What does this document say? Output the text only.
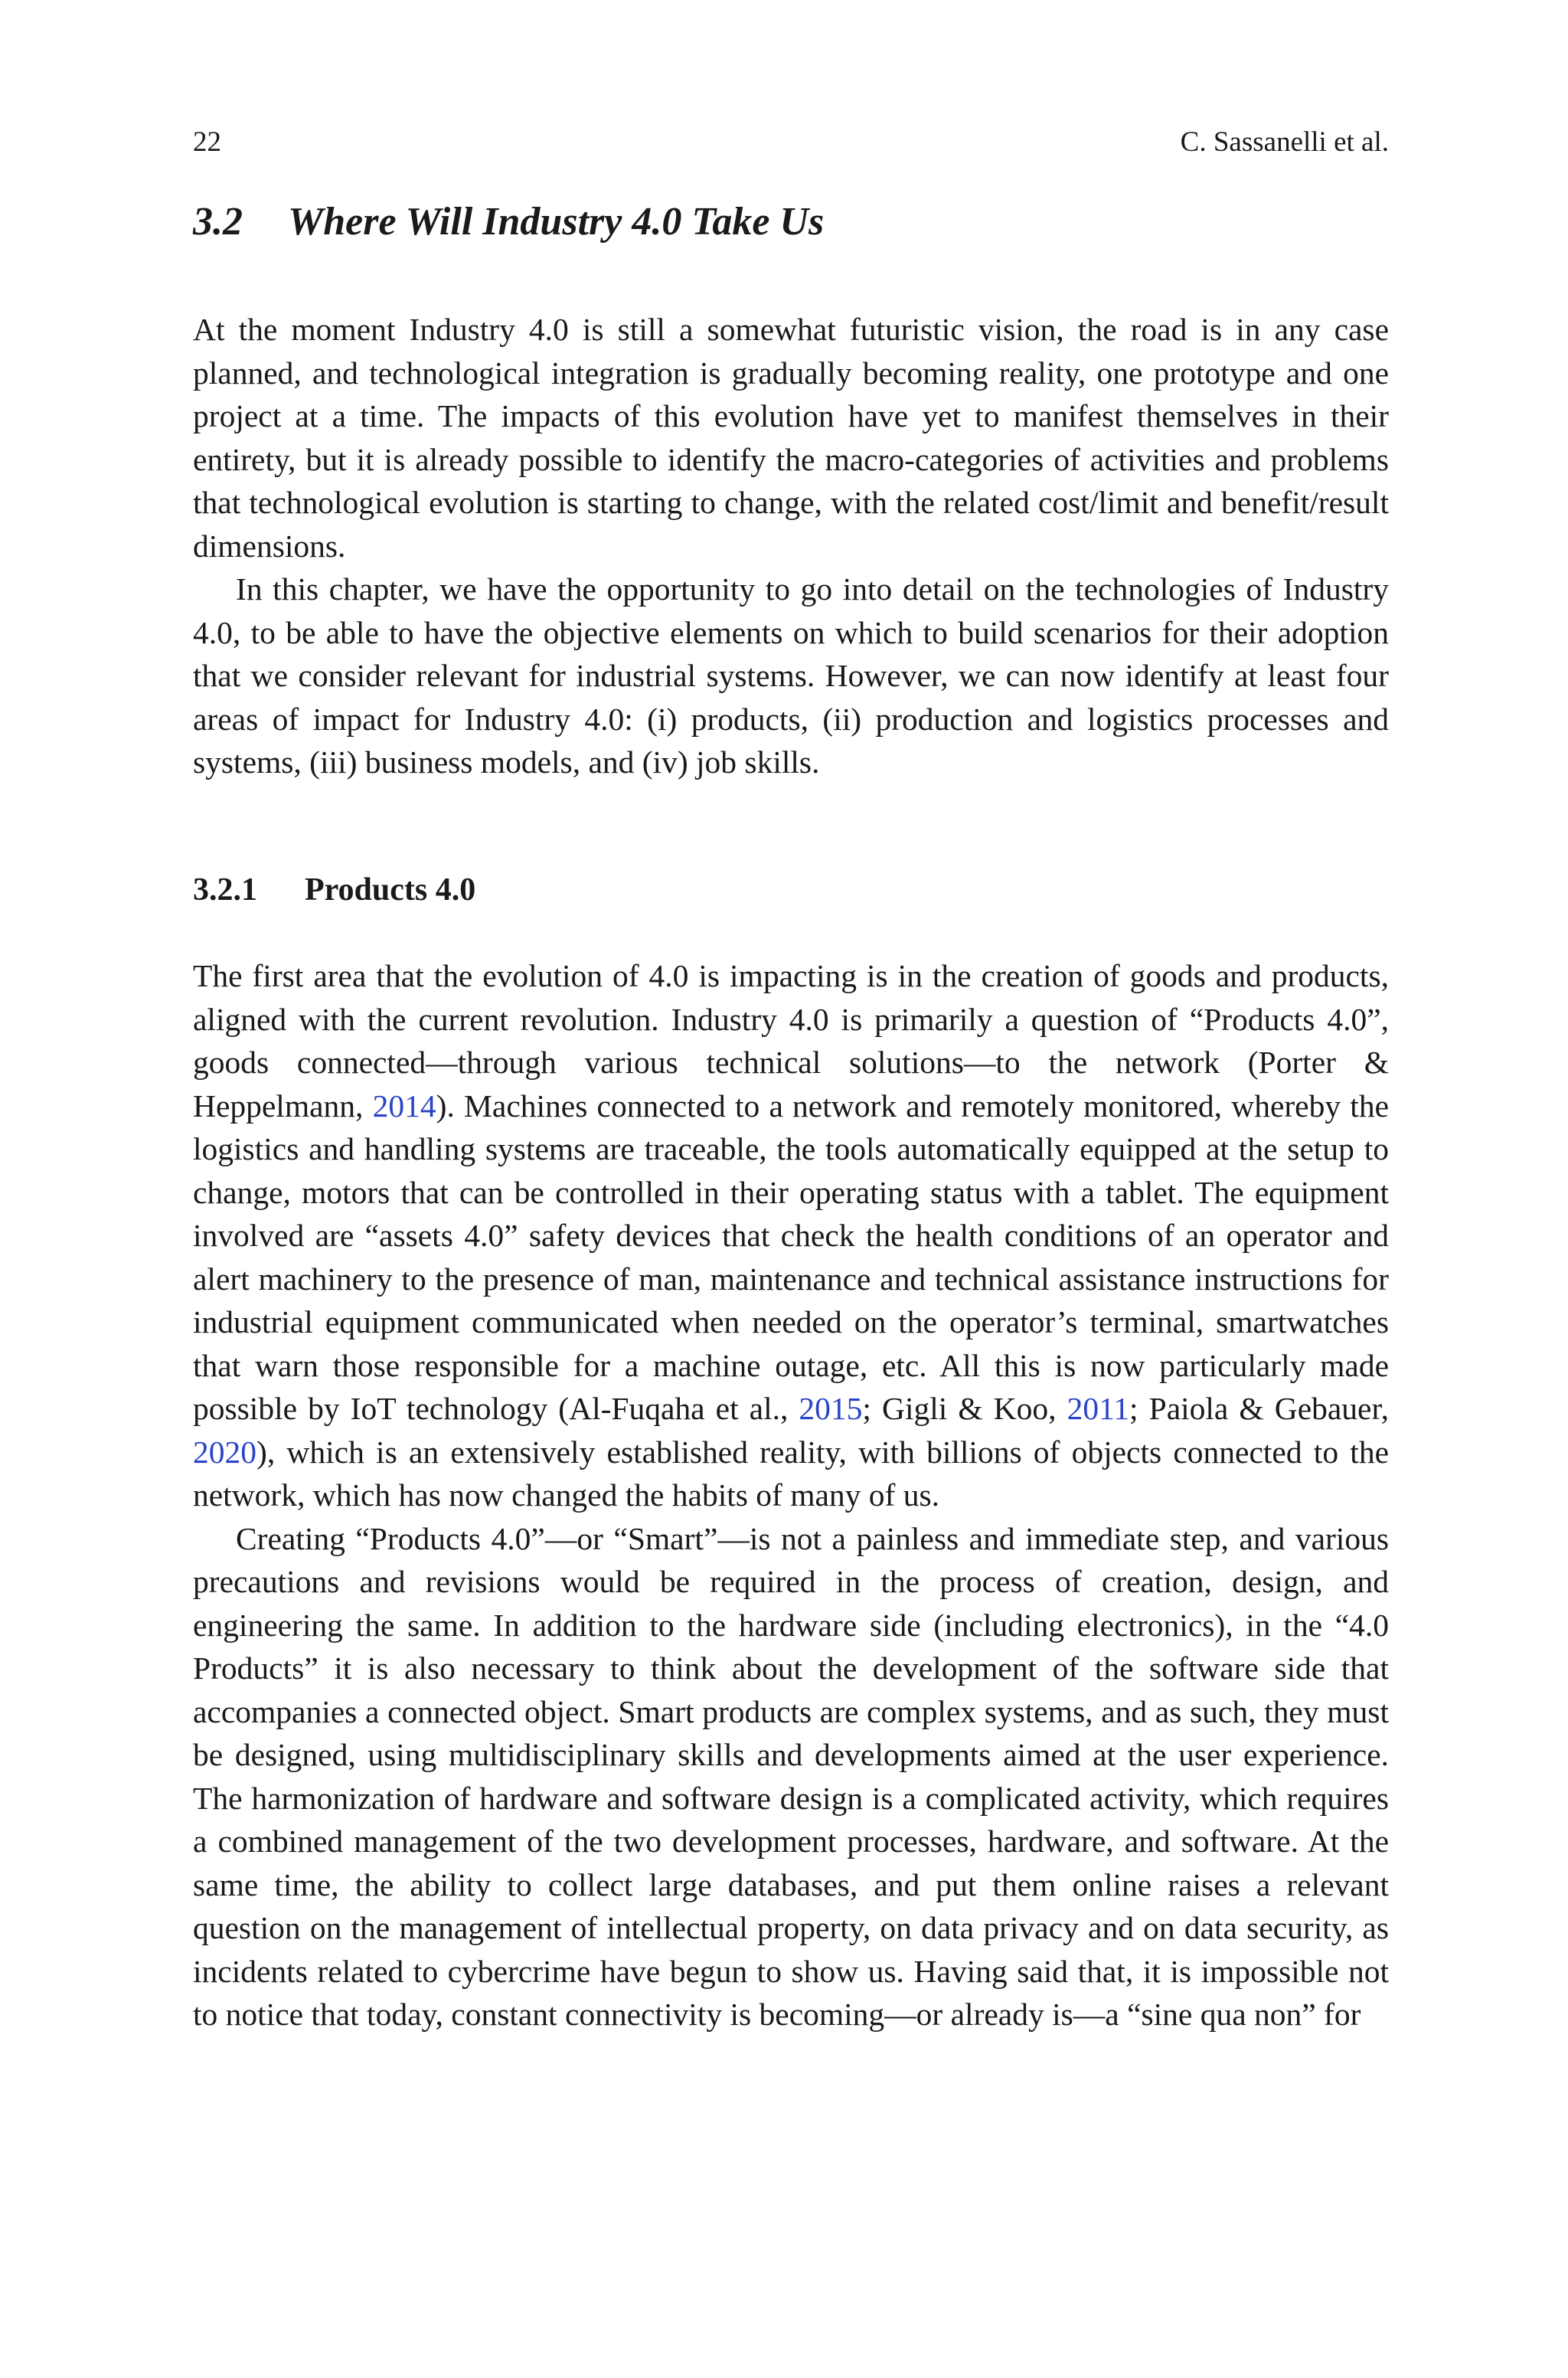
22	C. Sassanelli et al.
3.2 Where Will Industry 4.0 Take Us

At the moment Industry 4.0 is still a somewhat futuristic vision, the road is in any case planned, and technological integration is gradually becoming reality, one prototype and one project at a time. The impacts of this evolution have yet to manifest themselves in their entirety, but it is already possible to identify the macro-categories of activities and problems that technological evolution is starting to change, with the related cost/limit and benefit/result dimensions.

In this chapter, we have the opportunity to go into detail on the technologies of Industry 4.0, to be able to have the objective elements on which to build scenarios for their adoption that we consider relevant for industrial systems. However, we can now identify at least four areas of impact for Industry 4.0: (i) products, (ii) production and logistics processes and systems, (iii) business models, and (iv) job skills.

3.2.1 Products 4.0

The first area that the evolution of 4.0 is impacting is in the creation of goods and products, aligned with the current revolution. Industry 4.0 is primarily a question of “Products 4.0”, goods connected—through various technical solutions—to the network (Porter & Heppelmann, 2014). Machines connected to a network and remotely monitored, whereby the logistics and handling systems are traceable, the tools automatically equipped at the setup to change, motors that can be controlled in their operating status with a tablet. The equipment involved are “assets 4.0” safety devices that check the health conditions of an operator and alert machinery to the presence of man, maintenance and technical assistance instructions for industrial equipment communicated when needed on the operator’s terminal, smartwatches that warn those responsible for a machine outage, etc. All this is now particularly made possible by IoT technology (Al-Fuqaha et al., 2015; Gigli & Koo, 2011; Paiola & Gebauer, 2020), which is an extensively established reality, with billions of objects connected to the network, which has now changed the habits of many of us.

Creating “Products 4.0”—or “Smart”—is not a painless and immediate step, and various precautions and revisions would be required in the process of creation, design, and engineering the same. In addition to the hardware side (including electronics), in the “4.0 Products” it is also necessary to think about the development of the software side that accompanies a connected object. Smart products are complex systems, and as such, they must be designed, using multidisciplinary skills and developments aimed at the user experience. The harmonization of hardware and software design is a complicated activity, which requires a combined management of the two development processes, hardware, and software. At the same time, the ability to collect large databases, and put them online raises a relevant question on the management of intellectual property, on data privacy and on data security, as incidents related to cybercrime have begun to show us. Having said that, it is impossible not to notice that today, constant connectivity is becoming—or already is—a “sine qua non” for
